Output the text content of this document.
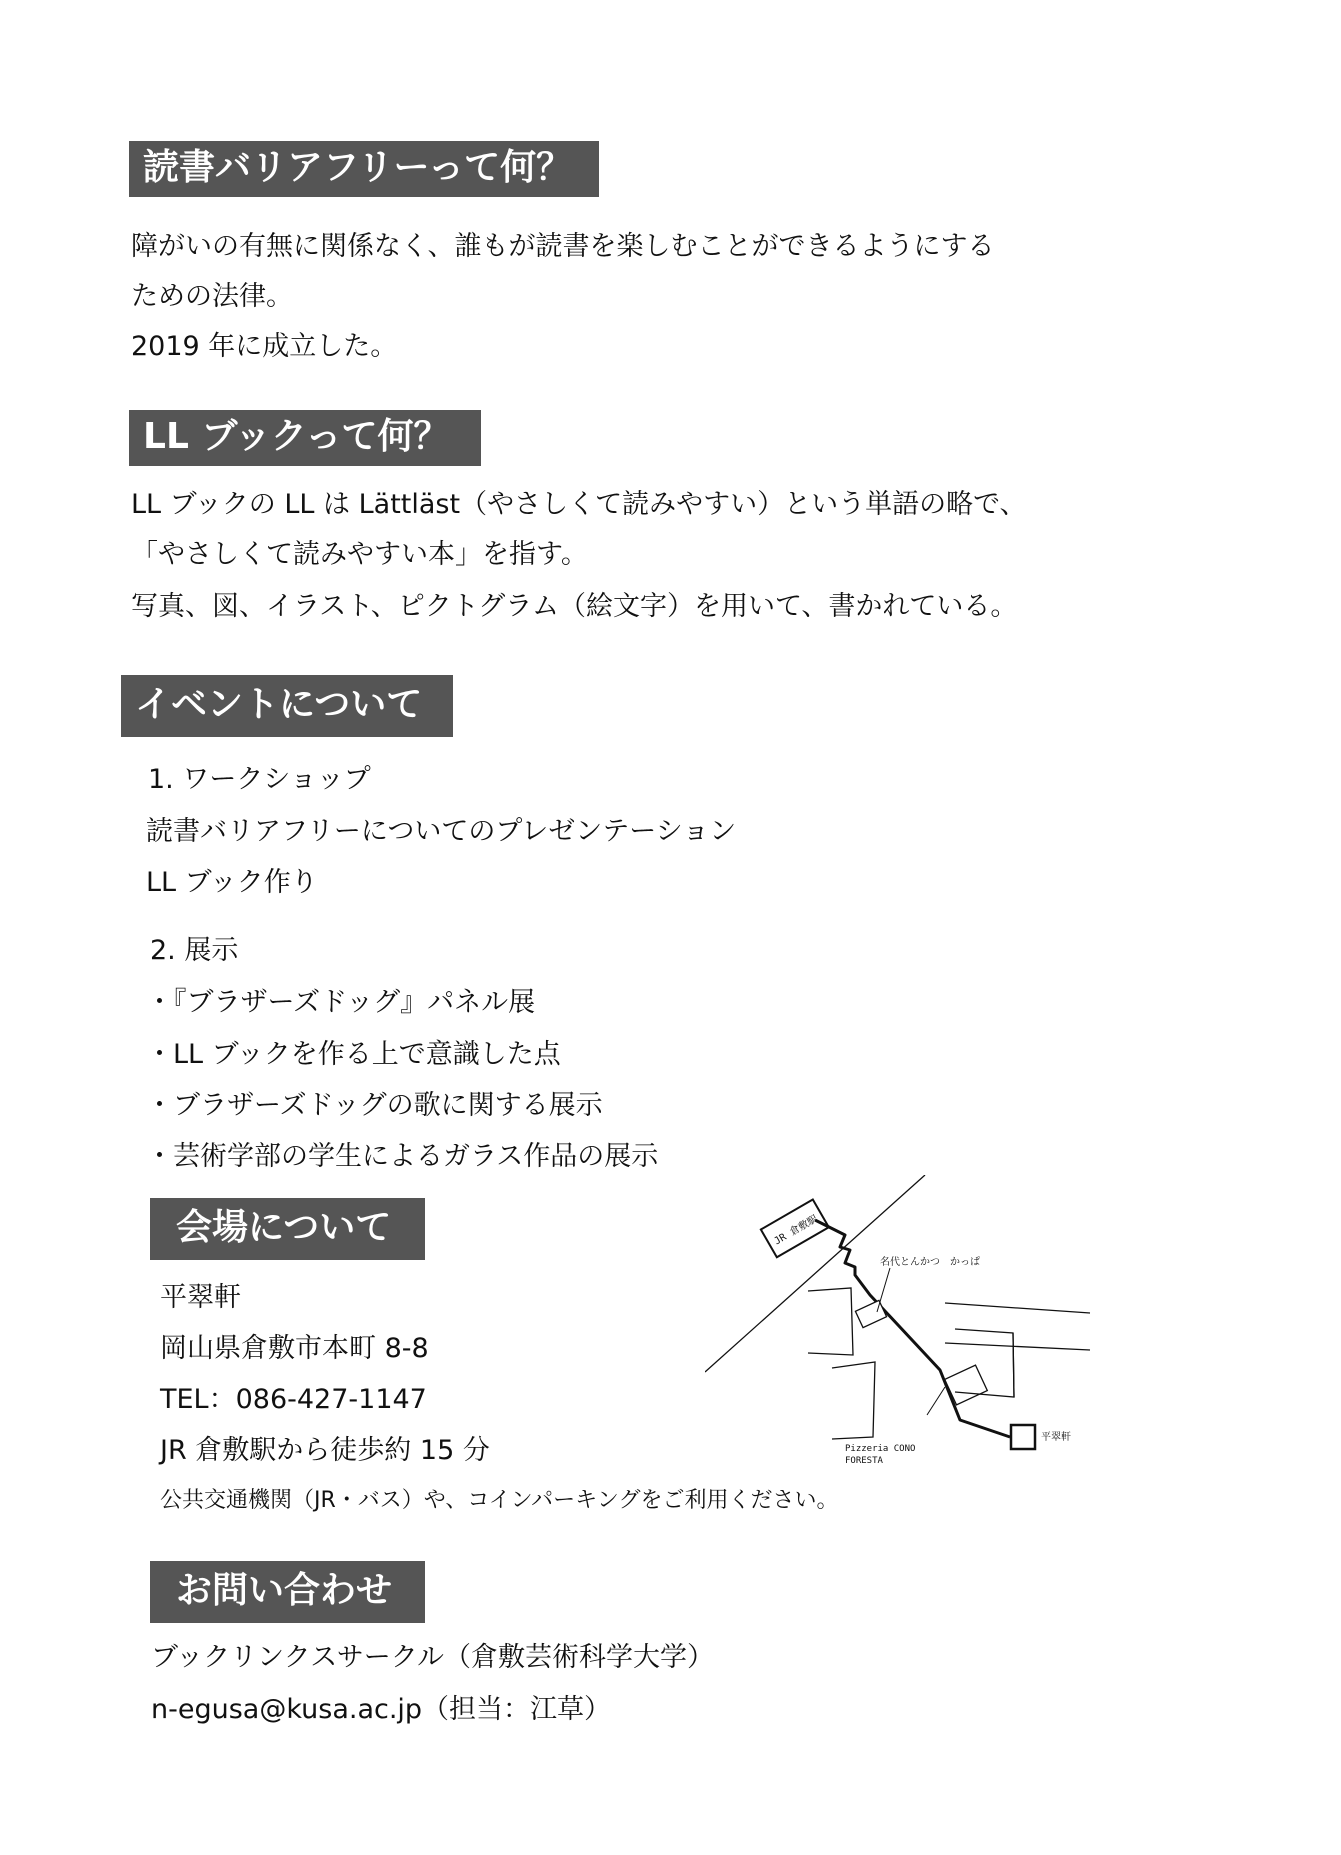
読書バリアフリーって何？
障がいの有無に関係なく、誰もが読書を楽しむことができるようにする
ための法律。
2019 年に成立した。
LL ブックって何？
LL ブックの LL は Lättläst（やさしくて読みやすい）という単語の略で、
「やさしくて読みやすい本」を指す。
写真、図、イラスト、ピクトグラム（絵文字）を用いて、書かれている。
イベントについて
1. ワークショップ
読書バリアフリーについてのプレゼンテーション
LL ブック作り
2. 展示
・『ブラザーズドッグ』パネル展
・LL ブックを作る上で意識した点
・ブラザーズドッグの歌に関する展示
・芸術学部の学生によるガラス作品の展示
会場について
平翠軒
岡山県倉敷市本町 8-8
TEL：086-427-1147
JR 倉敷駅から徒歩約 15 分
公共交通機関（JR・バス）や、コインパーキングをご利用ください。
JR 倉敷駅
名代とんかつ　かっぱ
Pizzeria CONO
FORESTA
平翠軒
お問い合わせ
ブックリンクスサークル（倉敷芸術科学大学）
n-egusa@kusa.ac.jp（担当：江草）
